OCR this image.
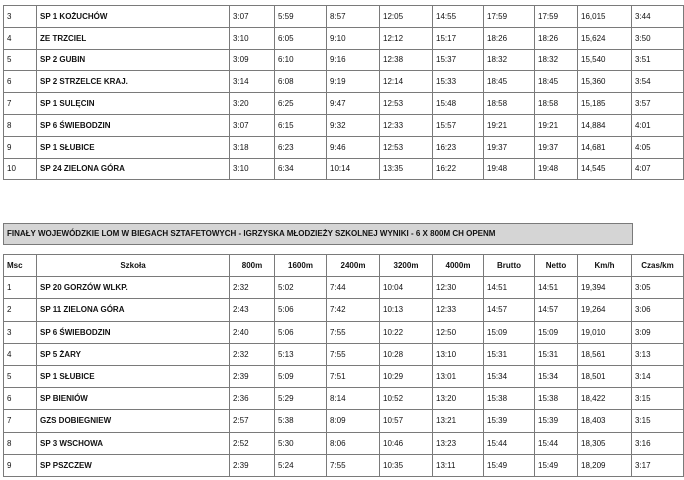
3	SP 1 KOŻUCHÓW	3:07	5:59	8:57	12:05	14:55	17:59	17:59	16,015	3:44
4	ZE TRZCIEL	3:10	6:05	9:10	12:12	15:17	18:26	18:26	15,624	3:50
5	SP 2 GUBIN	3:09	6:10	9:16	12:38	15:37	18:32	18:32	15,540	3:51
6	SP 2 STRZELCE KRAJ.	3:14	6:08	9:19	12:14	15:33	18:45	18:45	15,360	3:54
7	SP 1 SULĘCIN	3:20	6:25	9:47	12:53	15:48	18:58	18:58	15,185	3:57
8	SP 6 ŚWIEBODZIN	3:07	6:15	9:32	12:33	15:57	19:21	19:21	14,884	4:01
9	SP 1 SŁUBICE	3:18	6:23	9:46	12:53	16:23	19:37	19:37	14,681	4:05
10	SP 24 ZIELONA GÓRA	3:10	6:34	10:14	13:35	16:22	19:48	19:48	14,545	4:07
FINAŁY WOJEWÓDZKIE LOM W BIEGACH SZTAFETOWYCH - IGRZYSKA MŁODZIEŻY SZKOLNEJ WYNIKI - 6 X 800M CH OPENM
Msc	Szkoła	800m	1600m	2400m	3200m	4000m	Brutto	Netto	Km/h	Czas/km
1	SP 20 GORZÓW WLKP.	2:32	5:02	7:44	10:04	12:30	14:51	14:51	19,394	3:05
2	SP 11 ZIELONA GÓRA	2:43	5:06	7:42	10:13	12:33	14:57	14:57	19,264	3:06
3	SP 6 ŚWIEBODZIN	2:40	5:06	7:55	10:22	12:50	15:09	15:09	19,010	3:09
4	SP 5 ŻARY	2:32	5:13	7:55	10:28	13:10	15:31	15:31	18,561	3:13
5	SP 1 SŁUBICE	2:39	5:09	7:51	10:29	13:01	15:34	15:34	18,501	3:14
6	SP BIENIÓW	2:36	5:29	8:14	10:52	13:20	15:38	15:38	18,422	3:15
7	GZS DOBIEGNIEW	2:57	5:38	8:09	10:57	13:21	15:39	15:39	18,403	3:15
8	SP 3 WSCHOWA	2:52	5:30	8:06	10:46	13:23	15:44	15:44	18,305	3:16
9	SP PSZCZEW	2:39	5:24	7:55	10:35	13:11	15:49	15:49	18,209	3:17
